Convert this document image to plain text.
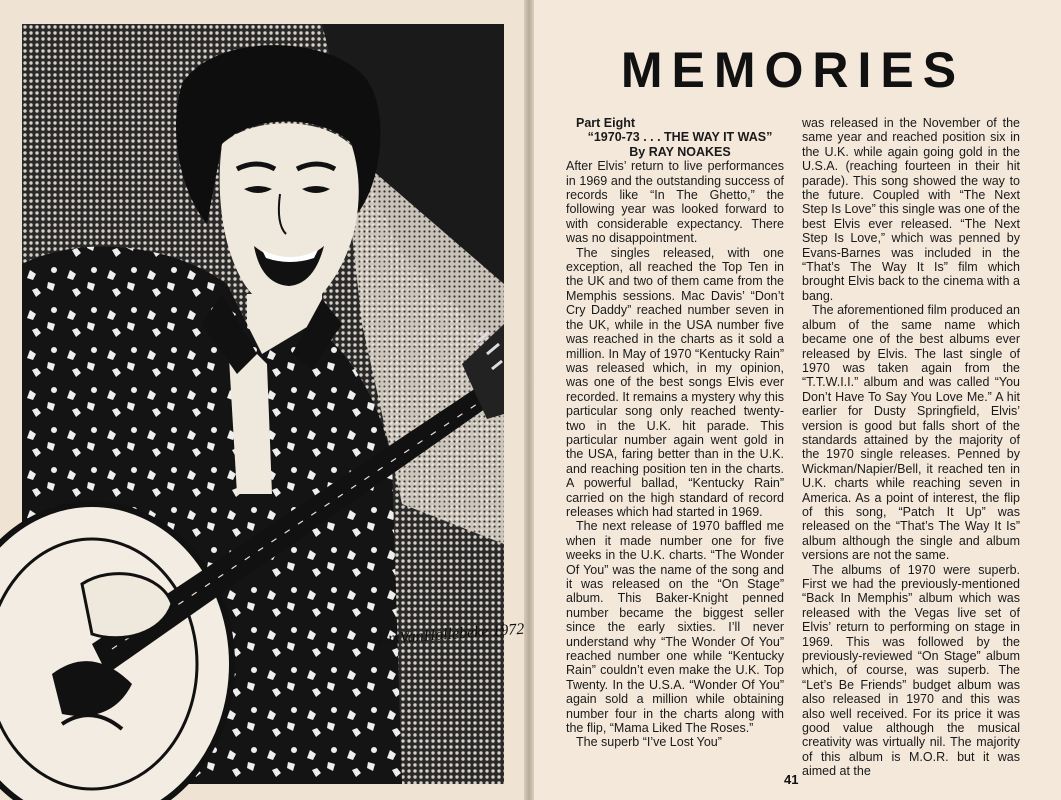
JimVanHollebeke 1972
MEMORIES

Part Eight

“1970-73 . . . THE WAY IT WAS”

By RAY NOAKES

After Elvis’ return to live performances in 1969 and the outstanding success of records like “In The Ghetto,” the following year was looked forward to with considerable expectancy. There was no disappointment.

The singles released, with one exception, all reached the Top Ten in the UK and two of them came from the Memphis sessions. Mac Davis’ “Don’t Cry Daddy” reached number seven in the UK, while in the USA number five was reached in the charts as it sold a million. In May of 1970 “Kentucky Rain” was released which, in my opinion, was one of the best songs Elvis ever recorded. It remains a mystery why this particular song only reached twenty-two in the U.K. hit parade. This particular number again went gold in the USA, faring better than in the U.K. and reaching position ten in the charts. A powerful ballad, “Kentucky Rain” carried on the high standard of record releases which had started in 1969.

The next release of 1970 baffled me when it made number one for five weeks in the U.K. charts. “The Wonder Of You” was the name of the song and it was released on the “On Stage” album. This Baker-Knight penned number became the biggest seller since the early sixties. I’ll never understand why “The Wonder Of You” reached number one while “Kentucky Rain” couldn’t even make the U.K. Top Twenty. In the U.S.A. “Wonder Of You” again sold a million while obtaining number four in the charts along with the flip, “Mama Liked The Roses.”

The superb “I’ve Lost You”

was released in the November of the same year and reached position six in the U.K. while again going gold in the U.S.A. (reaching fourteen in their hit parade). This song showed the way to the future. Coupled with “The Next Step Is Love” this single was one of the best Elvis ever released. “The Next Step Is Love,” which was penned by Evans-Barnes was included in the “That’s The Way It Is” film which brought Elvis back to the cinema with a bang.

The aforementioned film produced an album of the same name which became one of the best albums ever released by Elvis. The last single of 1970 was taken again from the “T.T.W.I.I.” album and was called “You Don’t Have To Say You Love Me.” A hit earlier for Dusty Springfield, Elvis’ version is good but falls short of the standards attained by the majority of the 1970 single releases. Penned by Wickman/Napier/Bell, it reached ten in U.K. charts while reaching seven in America. As a point of interest, the flip of this song, “Patch It Up” was released on the “That’s The Way It Is” album although the single and album versions are not the same.

The albums of 1970 were superb. First we had the previously-mentioned “Back In Memphis” album which was released with the Vegas live set of Elvis’ return to performing on stage in 1969. This was followed by the previously-reviewed “On Stage” album which, of course, was superb. The “Let’s Be Friends” budget album was also released in 1970 and this was also well received. For its price it was good value although the musical creativity was virtually nil. The majority of this album is M.O.R. but it was aimed at the

41
